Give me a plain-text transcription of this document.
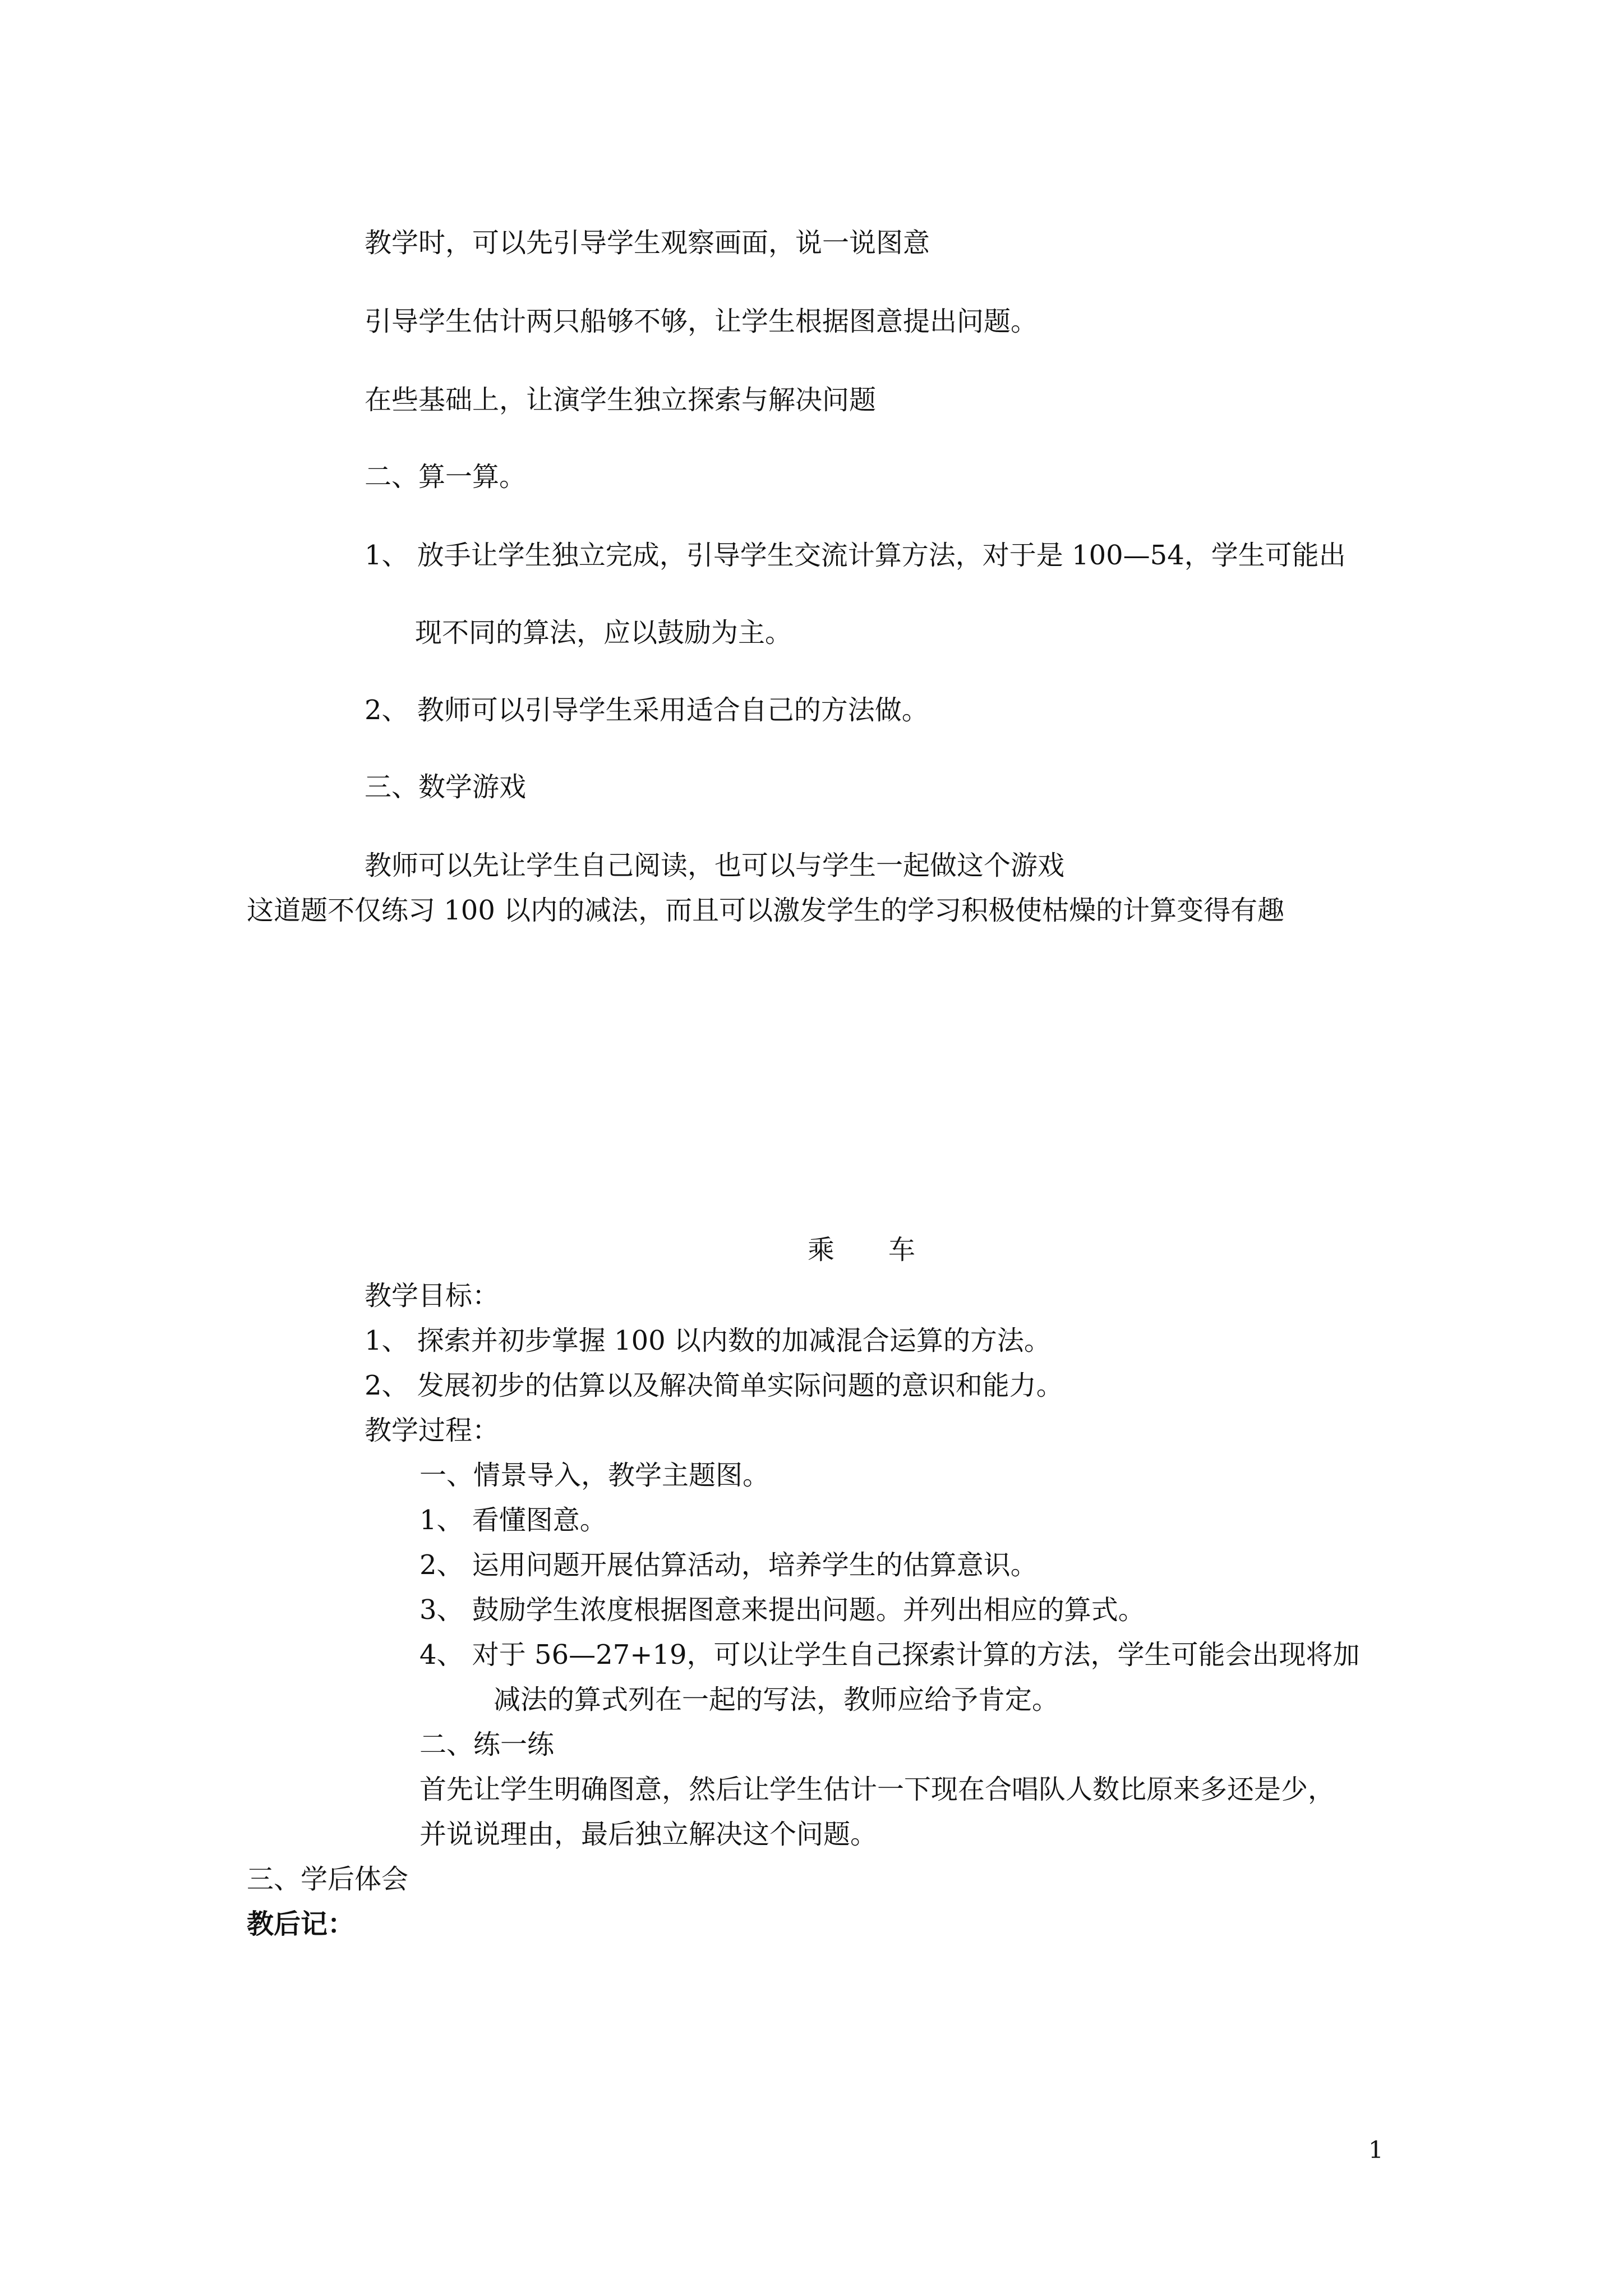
教学时，可以先引导学生观察画面，说一说图意
引导学生估计两只船够不够，让学生根据图意提出问题。
在些基础上，让演学生独立探索与解决问题
二、算一算。
1、 放手让学生独立完成，引导学生交流计算方法，对于是 100—54，学生可能出
现不同的算法，应以鼓励为主。
2、 教师可以引导学生采用适合自己的方法做。
三、数学游戏
教师可以先让学生自己阅读，也可以与学生一起做这个游戏
这道题不仅练习 100 以内的减法，而且可以激发学生的学习积极使枯燥的计算变得有趣
乘　　车
教学目标：
1、 探索并初步掌握 100 以内数的加减混合运算的方法。
2、 发展初步的估算以及解决简单实际问题的意识和能力。
教学过程：
一、情景导入，教学主题图。
1、 看懂图意。
2、 运用问题开展估算活动，培养学生的估算意识。
3、 鼓励学生浓度根据图意来提出问题。并列出相应的算式。
4、 对于 56—27+19，可以让学生自己探索计算的方法，学生可能会出现将加
减法的算式列在一起的写法，教师应给予肯定。
二、练一练
首先让学生明确图意，然后让学生估计一下现在合唱队人数比原来多还是少，
并说说理由，最后独立解决这个问题。
三、学后体会
教后记：
1
